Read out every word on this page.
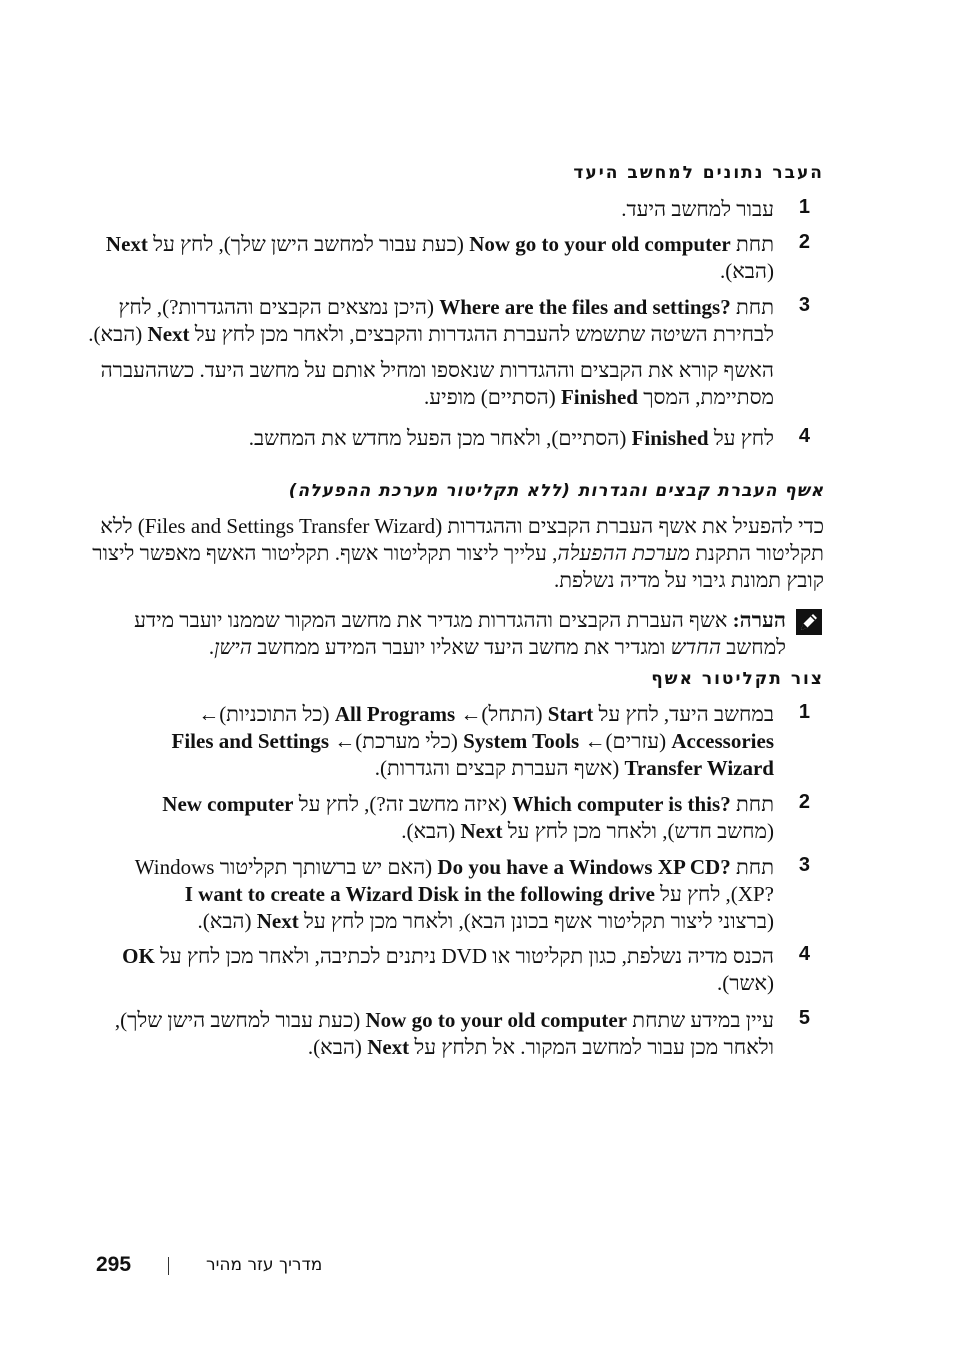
העבר נתונים למחשב היעד
1
עבור למחשב היעד.
2
תחת Now go to your old computer (כעת עבור למחשב הישן שלך), לחץ על Next
(הבא).
3
תחת ?Where are the files and settings (היכן נמצאים הקבצים וההגדרות?), לחץ
לבחירת השיטה שתשמש להעברת ההגדרות והקבצים, ולאחר מכן לחץ על Next (הבא).
האשף קורא את הקבצים וההגדרות שנאספו ומחיל אותם על מחשב היעד. כשההעברה
מסתיימת, המסך Finished (הסתיים) מופיע.
4
לחץ על Finished (הסתיים), ולאחר מכן הפעל מחדש את המחשב.
אשף העברת קבצים והגדרות (ללא תקליטור מערכת ההפעלה)
כדי להפעיל את אשף העברת הקבצים וההגדרות (Files and Settings Transfer Wizard) ללא
תקליטור התקנת מערכת ההפעלה, עלייך ליצור תקליטור אשף. תקליטור האשף מאפשר ליצור
קובץ תמונת גיבוי על מדיה נשלפת.
הערה: אשף העברת הקבצים וההגדרות מגדיר את מחשב המקור שממנו יועבר מידע
למחשב החדש ומגדיר את מחשב היעד שאליו יועבר המידע ממחשב הישן.
צור תקליטור אשף
1
במחשב היעד, לחץ על Start (התחל)← All Programs (כל התוכניות)←
Accessories (עזרים)← System Tools (כלי מערכת)← Files and Settings
Transfer Wizard (אשף העברת קבצים והגדרות).
2
תחת ?Which computer is this (איזה מחשב זה?), לחץ על New computer
(מחשב חדש), ולאחר מכן לחץ על Next (הבא).
3
תחת ?Do you have a Windows XP CD (האם יש ברשותך תקליטור Windows
?XP), לחץ על I want to create a Wizard Disk in the following drive
(ברצוני ליצור תקליטור אשף בכונן הבא), ולאחר מכן לחץ על Next (הבא).
4
הכנס מדיה נשלפת, כגון תקליטור או DVD ניתנים לכתיבה, ולאחר מכן לחץ על OK
(אשר).
5
עיין במידע שתחת Now go to your old computer (כעת עבור למחשב הישן שלך),
ולאחר מכן עבור למחשב המקור. אל תלחץ על Next (הבא).
295	מדריך עזר מהיר
